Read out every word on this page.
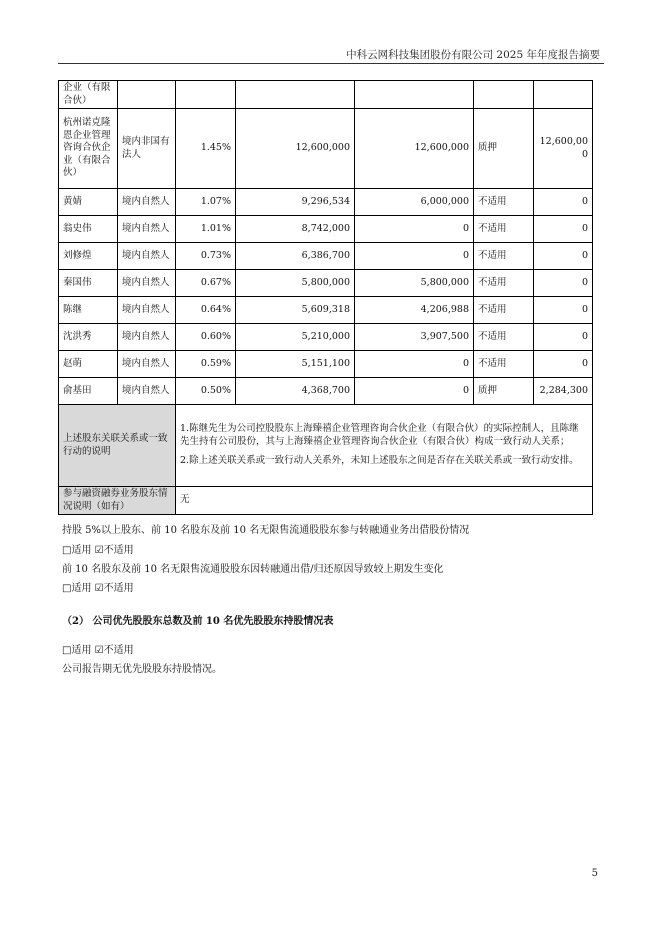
中科云网科技集团股份有限公司 2025 年年度报告摘要
企业（有限合伙）						
杭州诺克隆恩企业管理咨询合伙企业（有限合伙）	境内非国有法人	1.45%	12,600,000	12,600,000	质押	12,600,000
黄婧	境内自然人	1.07%	9,296,534	6,000,000	不适用	0
翁史伟	境内自然人	1.01%	8,742,000	0	不适用	0
刘修煌	境内自然人	0.73%	6,386,700	0	不适用	0
秦国伟	境内自然人	0.67%	5,800,000	5,800,000	不适用	0
陈继	境内自然人	0.64%	5,609,318	4,206,988	不适用	0
沈洪秀	境内自然人	0.60%	5,210,000	3,907,500	不适用	0
赵萌	境内自然人	0.59%	5,151,100	0	不适用	0
俞基田	境内自然人	0.50%	4,368,700	0	质押	2,284,300
上述股东关联关系或一致行动的说明		1.陈继先生为公司控股股东上海臻禧企业管理咨询合伙企业（有限合伙）的实际控制人，且陈继先生持有公司股份，其与上海臻禧企业管理咨询合伙企业（有限合伙）构成一致行动人关系；

2.除上述关联关系或一致行动人关系外，未知上述股东之间是否存在关联关系或一致行动安排。				

参与融资融券业务股东情况说明（如有）		无				
持股 5%以上股东、前 10 名股东及前 10 名无限售流通股股东参与转融通业务出借股份情况
□适用 ☑不适用
前 10 名股东及前 10 名无限售流通股股东因转融通出借/归还原因导致较上期发生变化
□适用 ☑不适用
（2） 公司优先股股东总数及前 10 名优先股股东持股情况表
□适用 ☑不适用
公司报告期无优先股股东持股情况。
5
